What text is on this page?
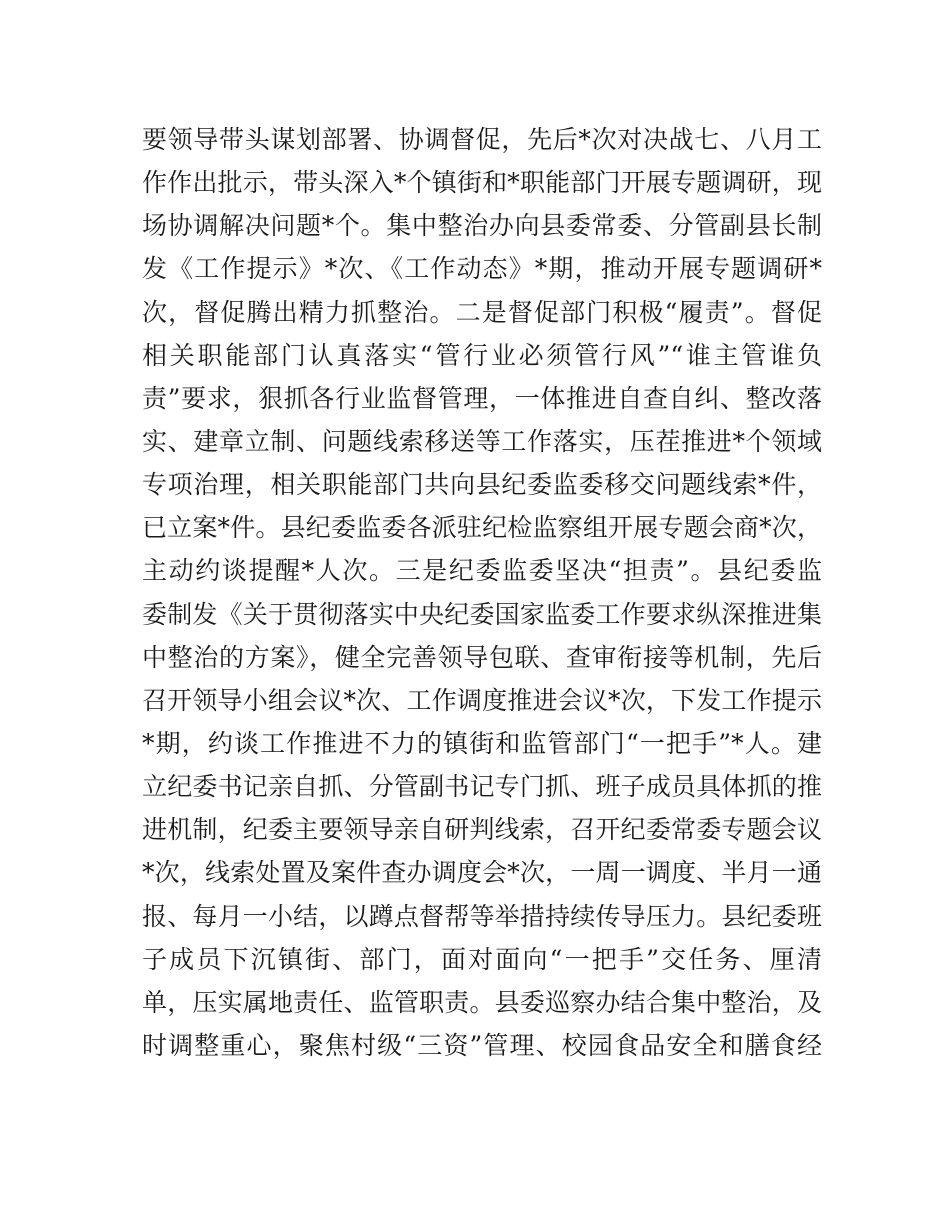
要领导带头谋划部署、协调督促，先后*次对决战七、八月工
作作出批示，带头深入*个镇街和*职能部门开展专题调研，现
场协调解决问题*个。集中整治办向县委常委、分管副县长制
发《工作提示》*次、《工作动态》*期，推动开展专题调研*
次，督促腾出精力抓整治。二是督促部门积极“履责”。督促
相关职能部门认真落实“管行业必须管行风”“谁主管谁负
责”要求，狠抓各行业监督管理，一体推进自查自纠、整改落
实、建章立制、问题线索移送等工作落实，压茬推进*个领域
专项治理，相关职能部门共向县纪委监委移交问题线索*件，
已立案*件。县纪委监委各派驻纪检监察组开展专题会商*次，
主动约谈提醒*人次。三是纪委监委坚决“担责”。县纪委监
委制发《关于贯彻落实中央纪委国家监委工作要求纵深推进集
中整治的方案》，健全完善领导包联、查审衔接等机制，先后
召开领导小组会议*次、工作调度推进会议*次，下发工作提示
*期，约谈工作推进不力的镇街和监管部门“一把手”*人。建
立纪委书记亲自抓、分管副书记专门抓、班子成员具体抓的推
进机制，纪委主要领导亲自研判线索，召开纪委常委专题会议
*次，线索处置及案件查办调度会*次，一周一调度、半月一通
报、每月一小结，以蹲点督帮等举措持续传导压力。县纪委班
子成员下沉镇街、部门，面对面向“一把手”交任务、厘清
单，压实属地责任、监管职责。县委巡察办结合集中整治，及
时调整重心，聚焦村级“三资”管理、校园食品安全和膳食经
